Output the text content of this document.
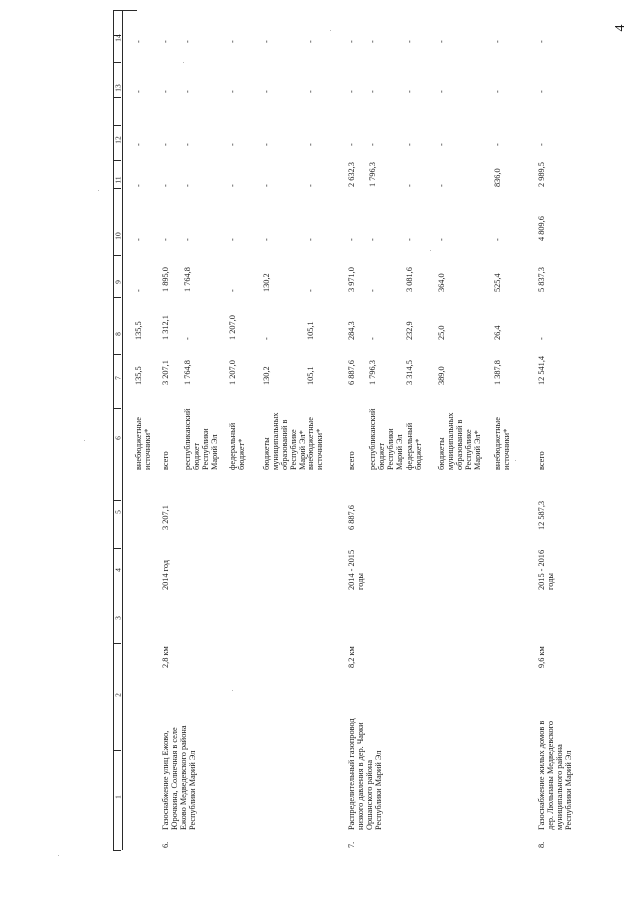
4
1
2
3
4
5
6
7
8
9
10
11
12
13
14
внебюджетные
источники*
135,5
135,5
-
-
-
-
-
-
6.
Газоснабжение улиц Ежово,
Юрочкина, Солнечная в селе
Ежово Медведевского района
Республики Марий Эл
2,8 км
2014 год
3 207,1
всего
3 207,1
1 312,1
1 895,0
-
-
-
-
-
республиканский
бюджет
Республики
Марий Эл
1 764,8
-
1 764,8
-
-
-
-
-
федеральный
бюджет*
1 207,0
1 207,0
-
-
-
-
-
-
бюджеты
муниципальных
образований в
Республике
Марий Эл*
130,2
-
130,2
-
-
-
-
-
внебюджетные
источники*
105,1
105,1
-
-
-
-
-
-
7.
Распределительный газопровод
низкого давления в дер. Чарки
Оршанского района
Республики Марий Эл
8,2 км
2014 - 2015
годы
6 887,6
всего
6 887,6
284,3
3 971,0
-
2 632,3
-
-
-
республиканский
бюджет
Республики
Марий Эл
1 796,3
-
-
-
1 796,3
-
-
-
федеральный
бюджет*
3 314,5
232,9
3 081,6
-
-
-
-
-
бюджеты
муниципальных
образований в
Республике
Марий Эл*
389,0
25,0
364,0
-
-
-
-
-
внебюджетные
источники*
1 387,8
26,4
525,4
-
836,0
-
-
-
8.
Газоснабжение жилых домов в
дер. Люльпаны Медведевского
муниципального района
Республики Марий Эл
9,6 км
2015 - 2016
годы
12 587,3
всего
12 541,4
-
5 837,3
4 809,6
2 989,5
-
-
-
